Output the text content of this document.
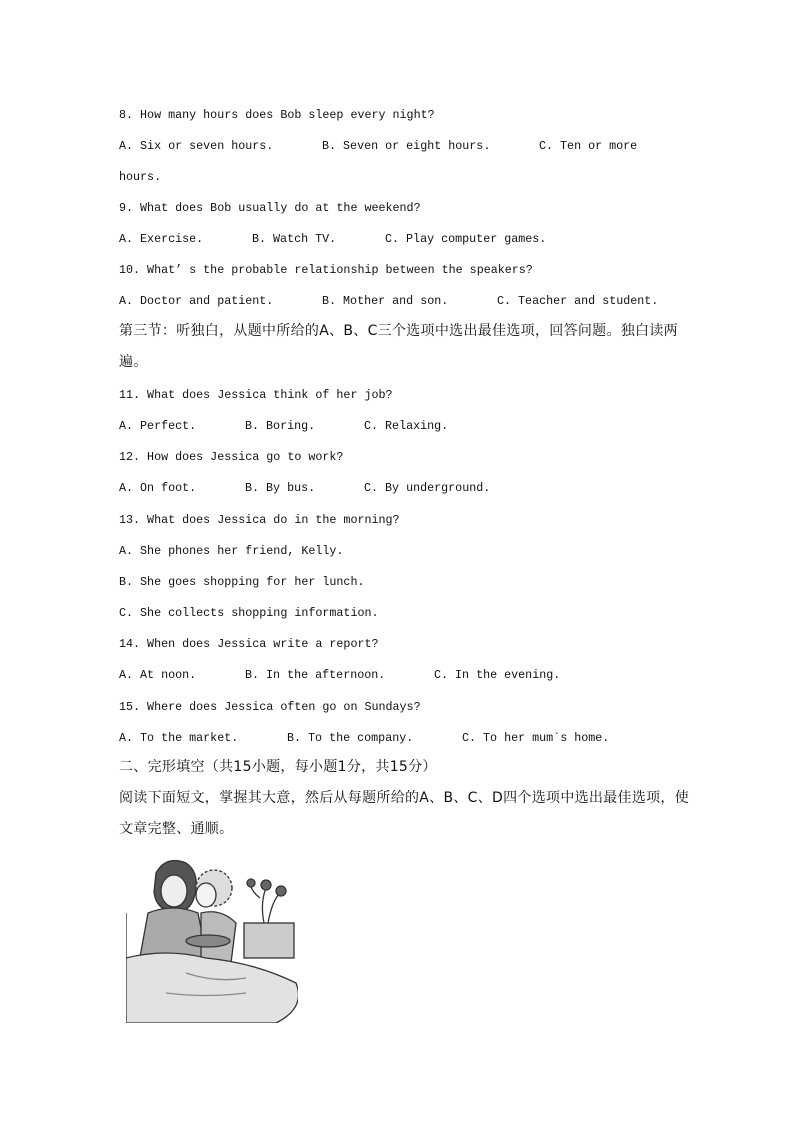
8. How many hours does Bob sleep every night?
A. Six or seven hours.	B. Seven or eight hours.	C. Ten or more
hours.
9. What does Bob usually do at the weekend?
A. Exercise.	B. Watch TV.	C. Play computer games.
10. What’ s the probable relationship between the speakers?
A. Doctor and patient.	B. Mother and son.	C. Teacher and student.
第三节：听独白，从题中所给的A、B、C三个选项中选出最佳选项，回答问题。独白读两
遍。
11. What does Jessica think of her job?
A. Perfect.	B. Boring.	C. Relaxing.
12. How does Jessica go to work?
A. On foot.	B. By bus.	C. By underground.
13. What does Jessica do in the morning?
A. She phones her friend, Kelly.
B. She goes shopping for her lunch.
C. She collects shopping information.
14. When does Jessica write a report?
A. At noon.	B. In the afternoon.	C. In the evening.
15. Where does Jessica often go on Sundays?
A. To the market.	B. To the company.	C. To her mum`s home.
二、完形填空（共15小题，每小题1分，共15分）
阅读下面短文，掌握其大意，然后从每题所给的A、B、C、D四个选项中选出最佳选项，使
文章完整、通顺。
